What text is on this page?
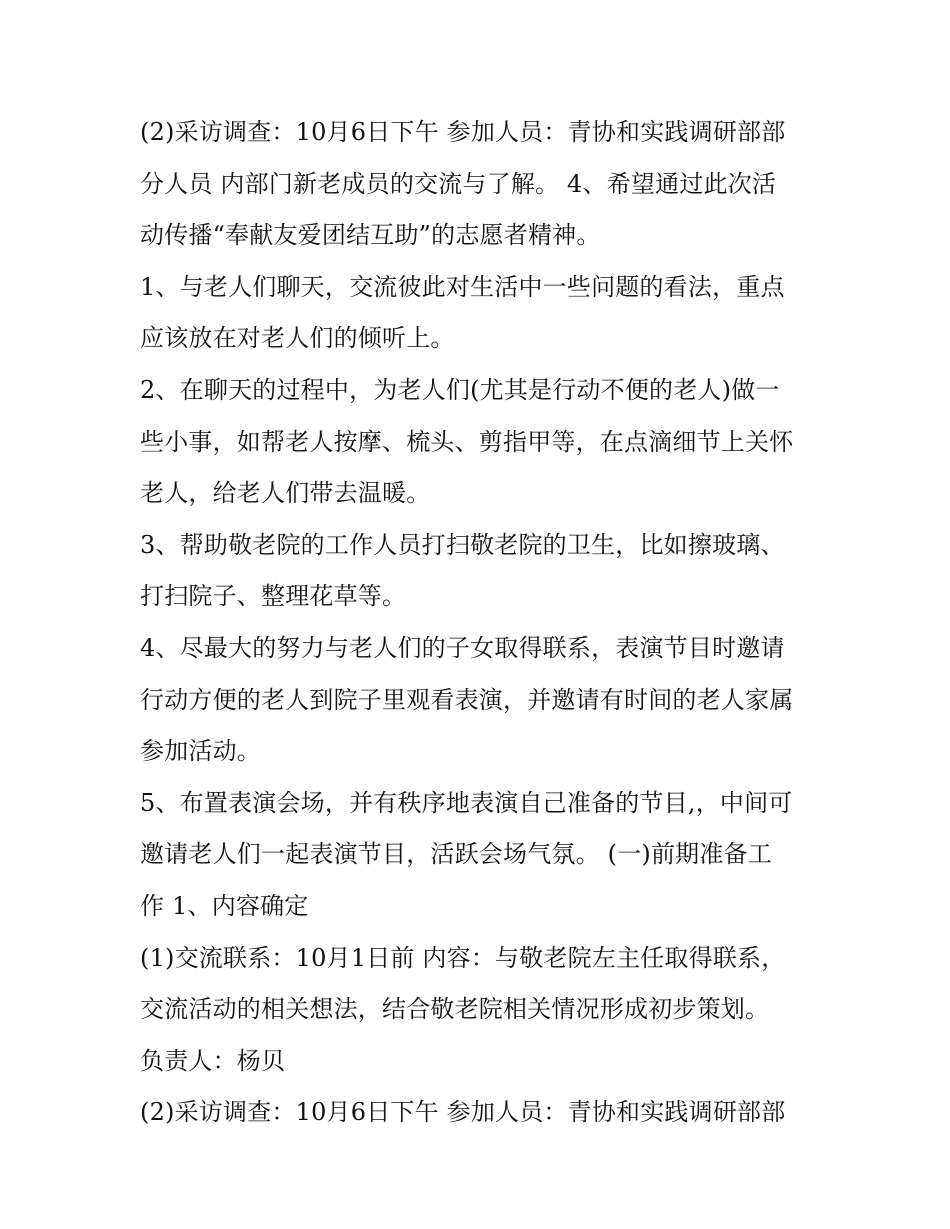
(2)采访调查：10月6日下午 参加人员：青协和实践调研部部
分人员 内部门新老成员的交流与了解。 4、希望通过此次活
动传播“奉献友爱团结互助”的志愿者精神。
1、与老人们聊天，交流彼此对生活中一些问题的看法，重点
应该放在对老人们的倾听上。
2、在聊天的过程中，为老人们(尤其是行动不便的老人)做一
些小事，如帮老人按摩、梳头、剪指甲等，在点滴细节上关怀
老人，给老人们带去温暖。
3、帮助敬老院的工作人员打扫敬老院的卫生，比如擦玻璃、
打扫院子、整理花草等。
4、尽最大的努力与老人们的子女取得联系，表演节目时邀请
行动方便的老人到院子里观看表演，并邀请有时间的老人家属
参加活动。
5、布置表演会场，并有秩序地表演自己准备的节目,，中间可
邀请老人们一起表演节目，活跃会场气氛。 (一)前期准备工
作 1、内容确定
(1)交流联系：10月1日前 内容：与敬老院左主任取得联系，
交流活动的相关想法，结合敬老院相关情况形成初步策划。
负责人：杨贝
(2)采访调查：10月6日下午 参加人员：青协和实践调研部部
